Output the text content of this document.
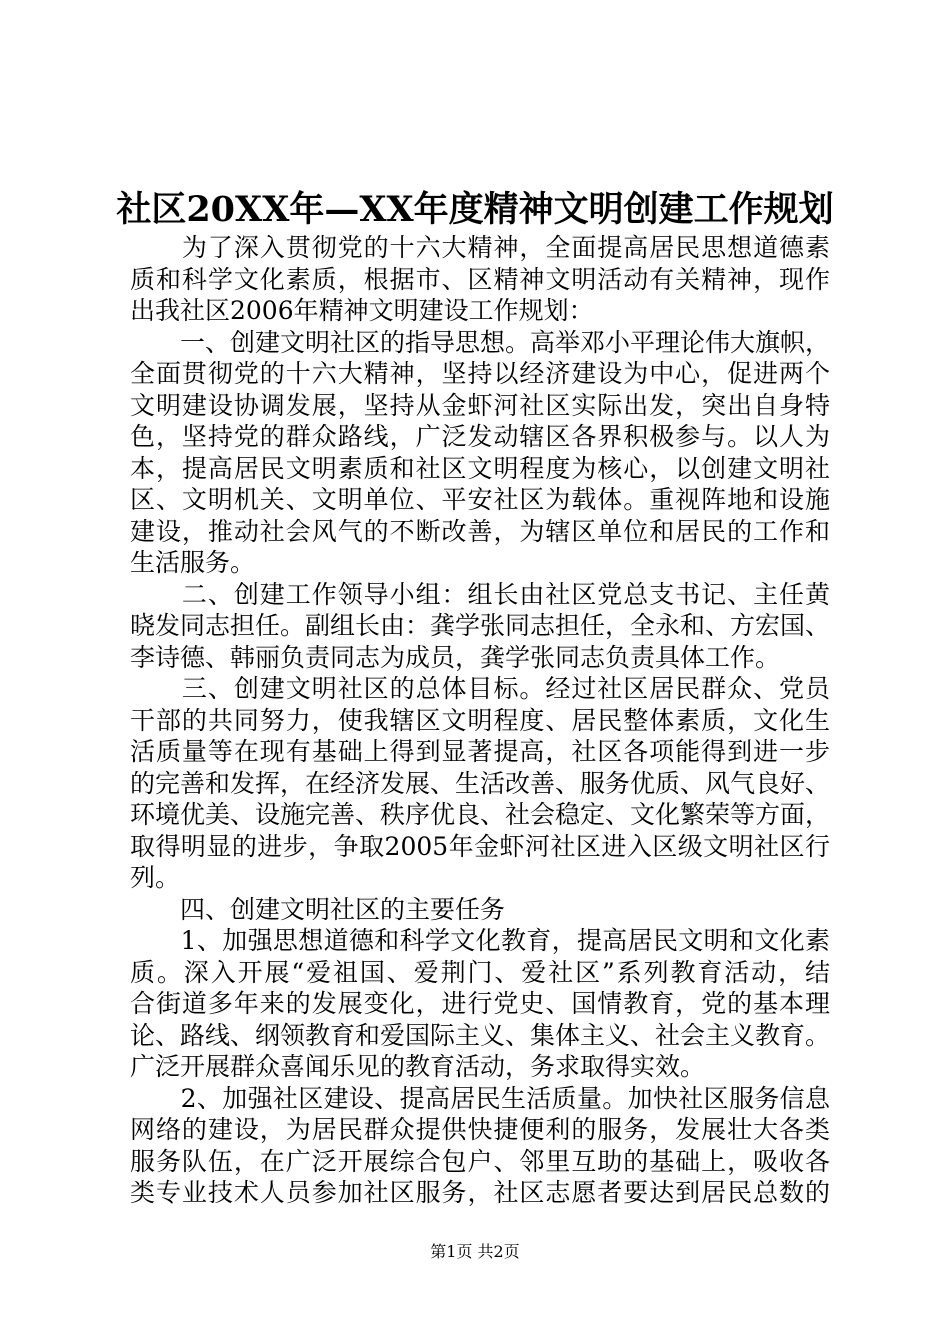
社区20XX年—XX年度精神文明创建工作规划
　　为了深入贯彻党的十六大精神，全面提高居民思想道德素
质和科学文化素质，根据市、区精神文明活动有关精神，现作
出我社区2006年精神文明建设工作规划：
　　一、创建文明社区的指导思想。高举邓小平理论伟大旗帜，
全面贯彻党的十六大精神，坚持以经济建设为中心，促进两个
文明建设协调发展，坚持从金虾河社区实际出发，突出自身特
色，坚持党的群众路线，广泛发动辖区各界积极参与。以人为
本，提高居民文明素质和社区文明程度为核心，以创建文明社
区、文明机关、文明单位、平安社区为载体。重视阵地和设施
建设，推动社会风气的不断改善，为辖区单位和居民的工作和
生活服务。
　　二、创建工作领导小组：组长由社区党总支书记、主任黄
晓发同志担任。副组长由：龚学张同志担任，全永和、方宏国、
李诗德、韩丽负责同志为成员，龚学张同志负责具体工作。
　　三、创建文明社区的总体目标。经过社区居民群众、党员
干部的共同努力，使我辖区文明程度、居民整体素质，文化生
活质量等在现有基础上得到显著提高，社区各项能得到进一步
的完善和发挥，在经济发展、生活改善、服务优质、风气良好、
环境优美、设施完善、秩序优良、社会稳定、文化繁荣等方面，
取得明显的进步，争取2005年金虾河社区进入区级文明社区行
列。
　　四、创建文明社区的主要任务
　　1、加强思想道德和科学文化教育，提高居民文明和文化素
质。深入开展“爱祖国、爱荆门、爱社区”系列教育活动，结
合街道多年来的发展变化，进行党史、国情教育，党的基本理
论、路线、纲领教育和爱国际主义、集体主义、社会主义教育。
广泛开展群众喜闻乐见的教育活动，务求取得实效。
　　2、加强社区建设、提高居民生活质量。加快社区服务信息
网络的建设，为居民群众提供快捷便利的服务，发展壮大各类
服务队伍，在广泛开展综合包户、邻里互助的基础上，吸收各
类专业技术人员参加社区服务，社区志愿者要达到居民总数的
第1页 共2页
